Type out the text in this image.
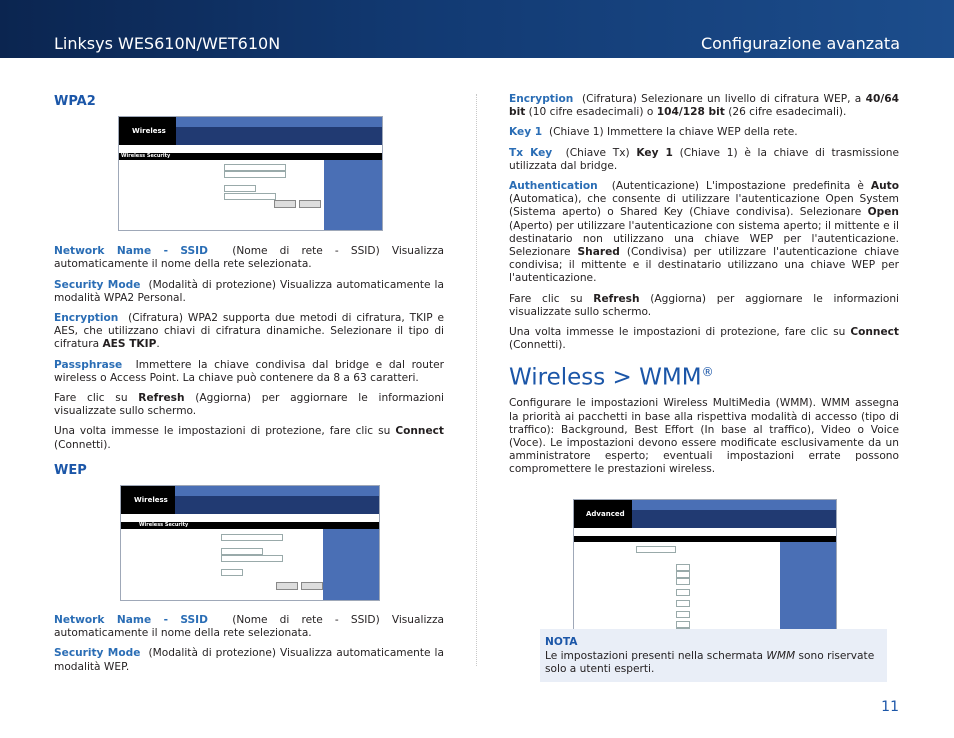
Linksys WES610N/WET610N	Configurazione avanzata
WPA2
Wireless
Wireless Security

Network Name - SSID (Nome di rete - SSID) Visualizza automaticamente il nome della rete selezionata.

Security Mode (Modalità di protezione) Visualizza automaticamente la modalità WPA2 Personal.

Encryption (Cifratura) WPA2 supporta due metodi di cifratura, TKIP e AES, che utilizzano chiavi di cifratura dinamiche. Selezionare il tipo di cifratura AES TKIP.

Passphrase Immettere la chiave condivisa dal bridge e dal router wireless o Access Point. La chiave può contenere da 8 a 63 caratteri.

Fare clic su Refresh (Aggiorna) per aggiornare le informazioni visualizzate sullo schermo.

Una volta immesse le impostazioni di protezione, fare clic su Connect (Connetti).

WEP
Wireless
Wireless Security

Network Name - SSID (Nome di rete - SSID) Visualizza automaticamente il nome della rete selezionata.

Security Mode (Modalità di protezione) Visualizza automaticamente la modalità WEP.

Encryption (Cifratura) Selezionare un livello di cifratura WEP, a 40/64 bit (10 cifre esadecimali) o 104/128 bit (26 cifre esadecimali).

Key 1 (Chiave 1) Immettere la chiave WEP della rete.

Tx Key (Chiave Tx) Key 1 (Chiave 1) è la chiave di trasmissione utilizzata dal bridge.

Authentication (Autenticazione) L'impostazione predefinita è Auto (Automatica), che consente di utilizzare l'autenticazione Open System (Sistema aperto) o Shared Key (Chiave condivisa). Selezionare Open (Aperto) per utilizzare l'autenticazione con sistema aperto; il mittente e il destinatario non utilizzano una chiave WEP per l'autenticazione. Selezionare Shared (Condivisa) per utilizzare l'autenticazione chiave condivisa; il mittente e il destinatario utilizzano una chiave WEP per l'autenticazione.

Fare clic su Refresh (Aggiorna) per aggiornare le informazioni visualizzate sullo schermo.

Una volta immesse le impostazioni di protezione, fare clic su Connect (Connetti).

Wireless > WMM®

Configurare le impostazioni Wireless MultiMedia (WMM). WMM assegna la priorità ai pacchetti in base alla rispettiva modalità di accesso (tipo di traffico): Background, Best Effort (In base al traffico), Video o Voice (Voce). Le impostazioni devono essere modificate esclusivamente da un amministratore esperto; eventuali impostazioni errate possono compromettere le prestazioni wireless.

Advanced
NOTA
Le impostazioni presenti nella schermata WMM sono riservate solo a utenti esperti.
11
